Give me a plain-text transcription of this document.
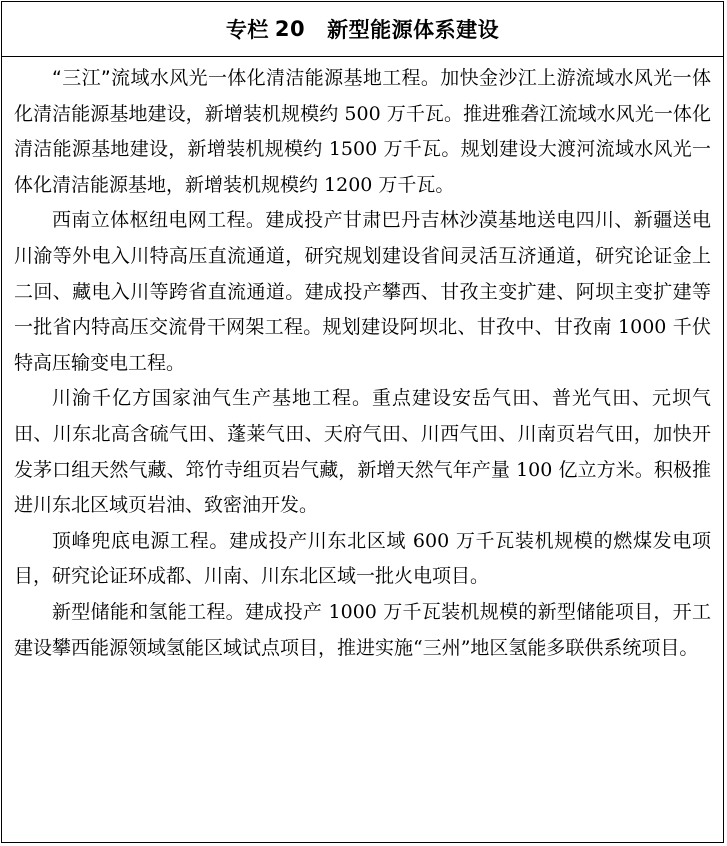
专栏 20 新型能源体系建设

“三江”流域水风光一体化清洁能源基地工程。加快金沙江上游流域水风光一体化清洁能源基地建设，新增装机规模约 500 万千瓦。推进雅砻江流域水风光一体化清洁能源基地建设，新增装机规模约 1500 万千瓦。规划建设大渡河流域水风光一体化清洁能源基地，新增装机规模约 1200 万千瓦。

西南立体枢纽电网工程。建成投产甘肃巴丹吉林沙漠基地送电四川、新疆送电川渝等外电入川特高压直流通道，研究规划建设省间灵活互济通道，研究论证金上二回、藏电入川等跨省直流通道。建成投产攀西、甘孜主变扩建、阿坝主变扩建等一批省内特高压交流骨干网架工程。规划建设阿坝北、甘孜中、甘孜南 1000 千伏特高压输变电工程。

川渝千亿方国家油气生产基地工程。重点建设安岳气田、普光气田、元坝气田、川东北高含硫气田、蓬莱气田、天府气田、川西气田、川南页岩气田，加快开发茅口组天然气藏、筇竹寺组页岩气藏，新增天然气年产量 100 亿立方米。积极推进川东北区域页岩油、致密油开发。

顶峰兜底电源工程。建成投产川东北区域 600 万千瓦装机规模的燃煤发电项目，研究论证环成都、川南、川东北区域一批火电项目。

新型储能和氢能工程。建成投产 1000 万千瓦装机规模的新型储能项目，开工建设攀西能源领域氢能区域试点项目，推进实施“三州”地区氢能多联供系统项目。
